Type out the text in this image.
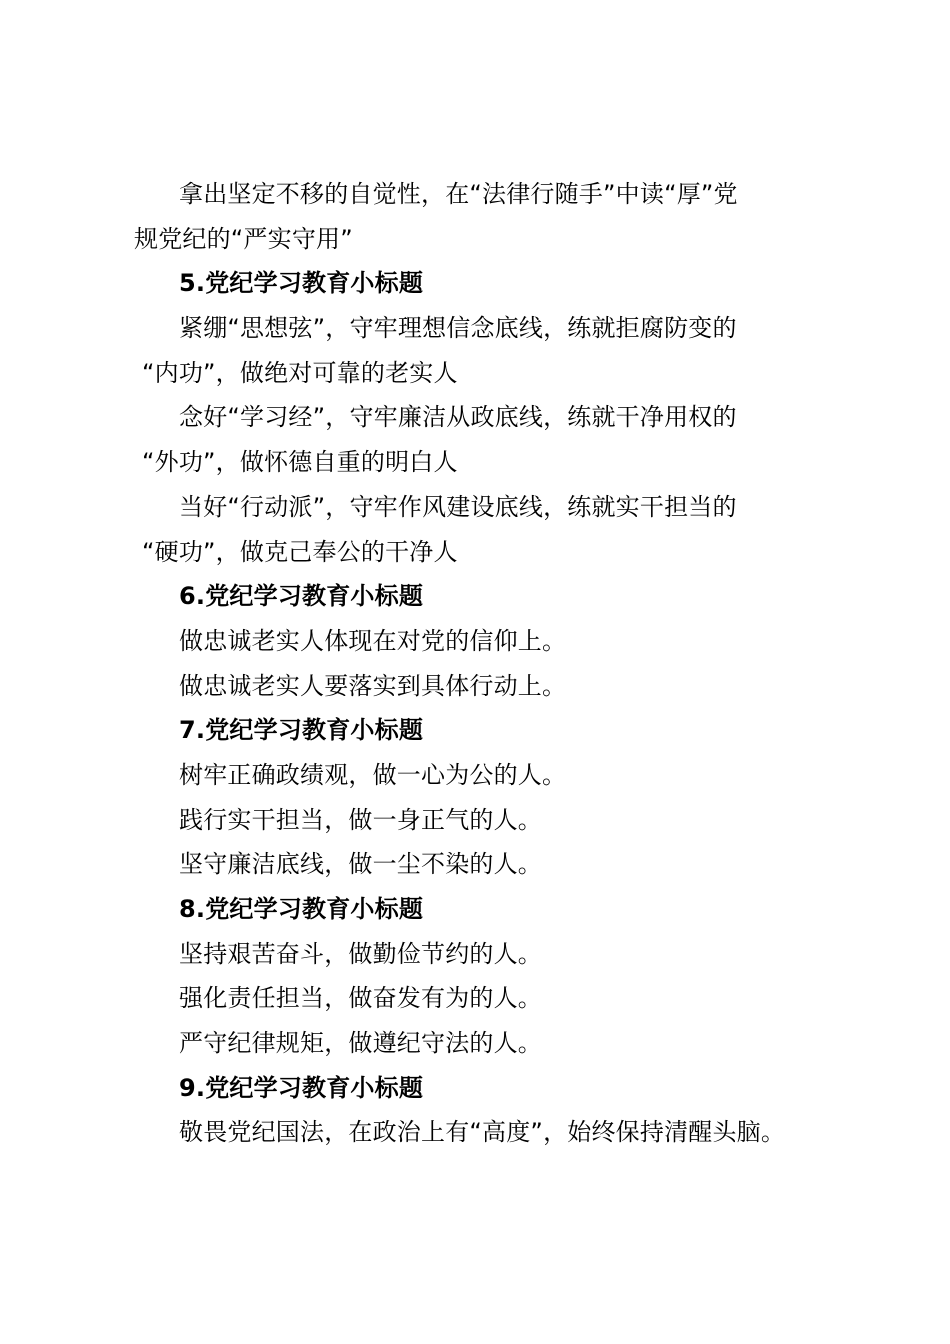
拿出坚定不移的自觉性，在“法律行随手”中读“厚”党
规党纪的“严实守用”
5.党纪学习教育小标题
紧绷“思想弦”，守牢理想信念底线，练就拒腐防变的
“内功”，做绝对可靠的老实人
念好“学习经”，守牢廉洁从政底线，练就干净用权的
“外功”，做怀德自重的明白人
当好“行动派”，守牢作风建设底线，练就实干担当的
“硬功”，做克己奉公的干净人
6.党纪学习教育小标题
做忠诚老实人体现在对党的信仰上。
做忠诚老实人要落实到具体行动上。
7.党纪学习教育小标题
树牢正确政绩观，做一心为公的人。
践行实干担当，做一身正气的人。
坚守廉洁底线，做一尘不染的人。
8.党纪学习教育小标题
坚持艰苦奋斗，做勤俭节约的人。
强化责任担当，做奋发有为的人。
严守纪律规矩，做遵纪守法的人。
9.党纪学习教育小标题
敬畏党纪国法，在政治上有“高度”，始终保持清醒头脑。
